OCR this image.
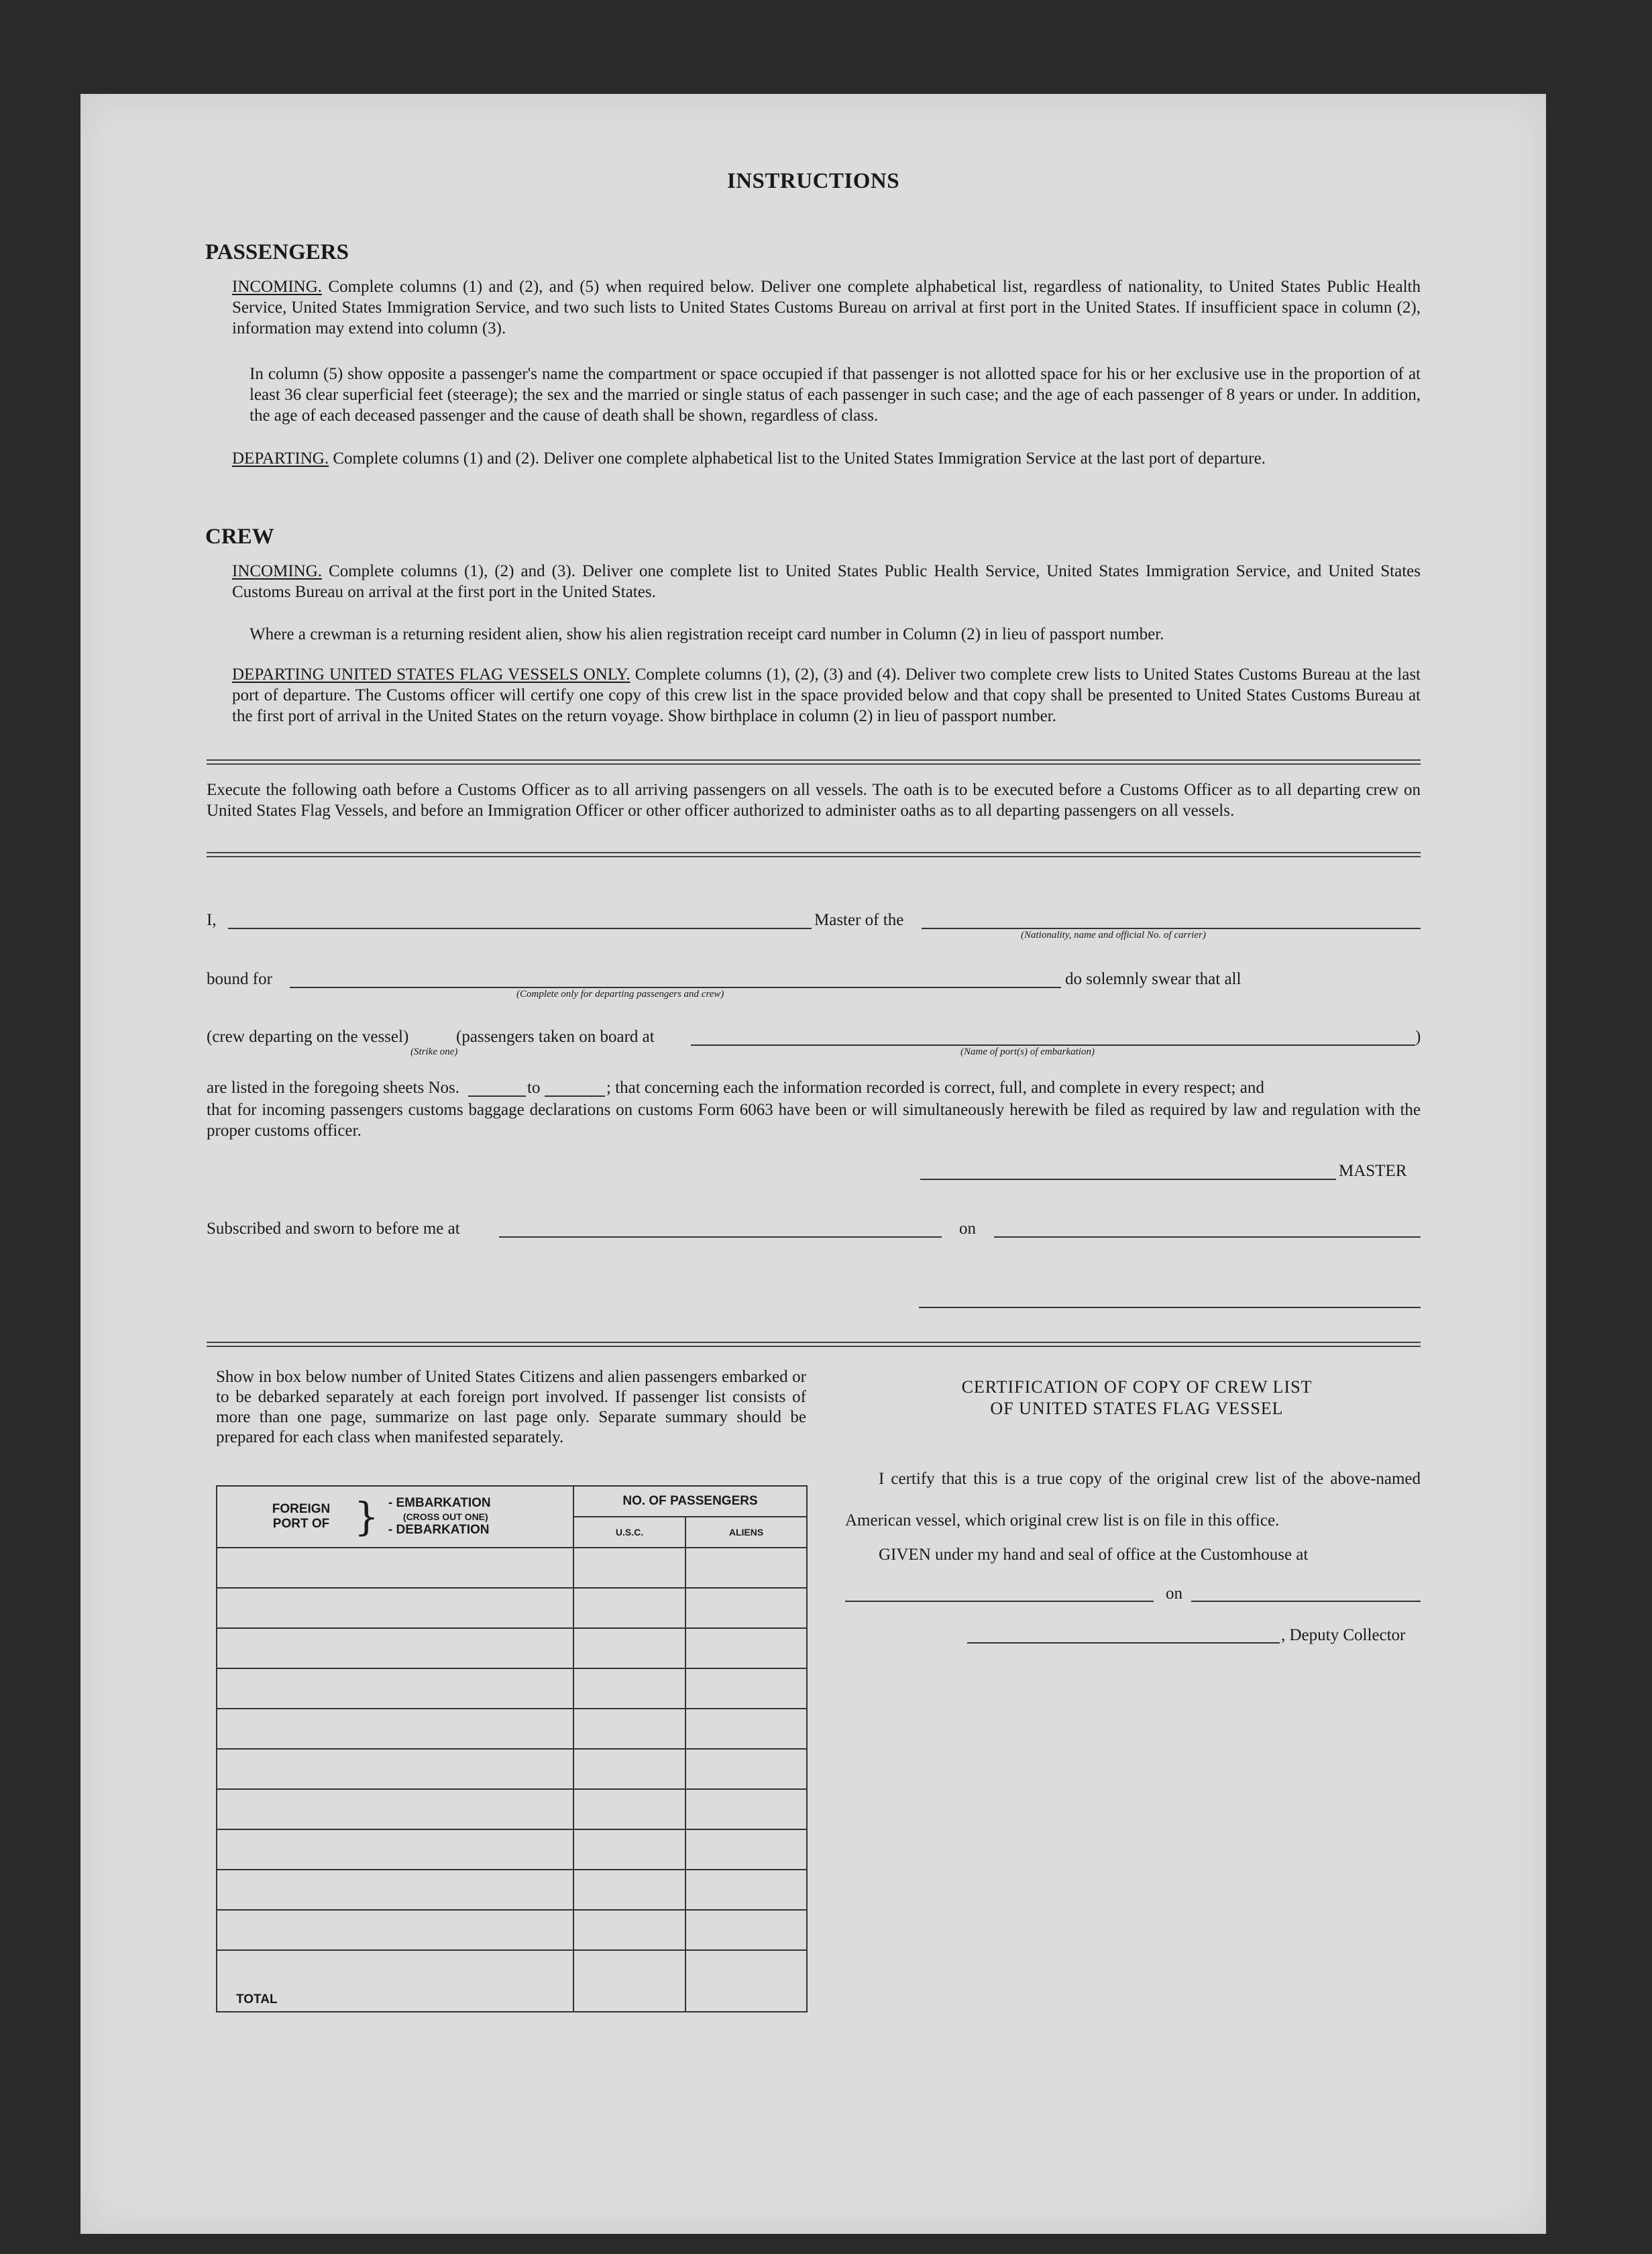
INSTRUCTIONS
PASSENGERS
INCOMING. Complete columns (1) and (2), and (5) when required below. Deliver one complete alphabetical list, regardless of nationality, to United States Public Health Service, United States Immigration Service, and two such lists to United States Customs Bureau on arrival at first port in the United States. If insufficient space in column (2), information may extend into column (3).
In column (5) show opposite a passenger's name the compartment or space occupied if that passenger is not allotted space for his or her exclusive use in the proportion of at least 36 clear superficial feet (steerage); the sex and the married or single status of each passenger in such case; and the age of each passenger of 8 years or under. In addition, the age of each deceased passenger and the cause of death shall be shown, regardless of class.
DEPARTING. Complete columns (1) and (2). Deliver one complete alphabetical list to the United States Immigration Service at the last port of departure.
CREW
INCOMING. Complete columns (1), (2) and (3). Deliver one complete list to United States Public Health Service, United States Immigration Service, and United States Customs Bureau on arrival at the first port in the United States.
Where a crewman is a returning resident alien, show his alien registration receipt card number in Column (2) in lieu of passport number.
DEPARTING UNITED STATES FLAG VESSELS ONLY. Complete columns (1), (2), (3) and (4). Deliver two complete crew lists to United States Customs Bureau at the last port of departure. The Customs officer will certify one copy of this crew list in the space provided below and that copy shall be presented to United States Customs Bureau at the first port of arrival in the United States on the return voyage. Show birthplace in column (2) in lieu of passport number.
Execute the following oath before a Customs Officer as to all arriving passengers on all vessels. The oath is to be executed before a Customs Officer as to all departing crew on United States Flag Vessels, and before an Immigration Officer or other officer authorized to administer oaths as to all departing passengers on all vessels.
I,	Master of the
(Nationality, name and official No. of carrier)
bound for
(Complete only for departing passengers and crew)
do solemnly swear that all
(crew departing on the vessel)	(passengers taken on board at	)
(Strike one)	(Name of port(s) of embarkation)
are listed in the foregoing sheets Nos.	to	; that concerning each the information recorded is correct, full, and complete in every respect; and
that for incoming passengers customs baggage declarations on customs Form 6063 have been or will simultaneously herewith be filed as required by law and regulation with the proper customs officer.
MASTER
Subscribed and sworn to before me at	on
Show in box below number of United States Citizens and alien passengers embarked or to be debarked separately at each foreign port involved. If passenger list consists of more than one page, summarize on last page only. Separate summary should be prepared for each class when manifested separately.
FOREIGN PORT OF } - EMBARKATION
(CROSS OUT ONE)
- DEBARKATION	NO. OF PASSENGERS	
	U.S.C.	ALIENS

TOTAL		
CERTIFICATION OF COPY OF CREW LIST
OF UNITED STATES FLAG VESSEL
I certify that this is a true copy of the original crew list of the above-named American vessel, which original crew list is on file in this office.
GIVEN under my hand and seal of office at the Customhouse at
on
, Deputy Collector
